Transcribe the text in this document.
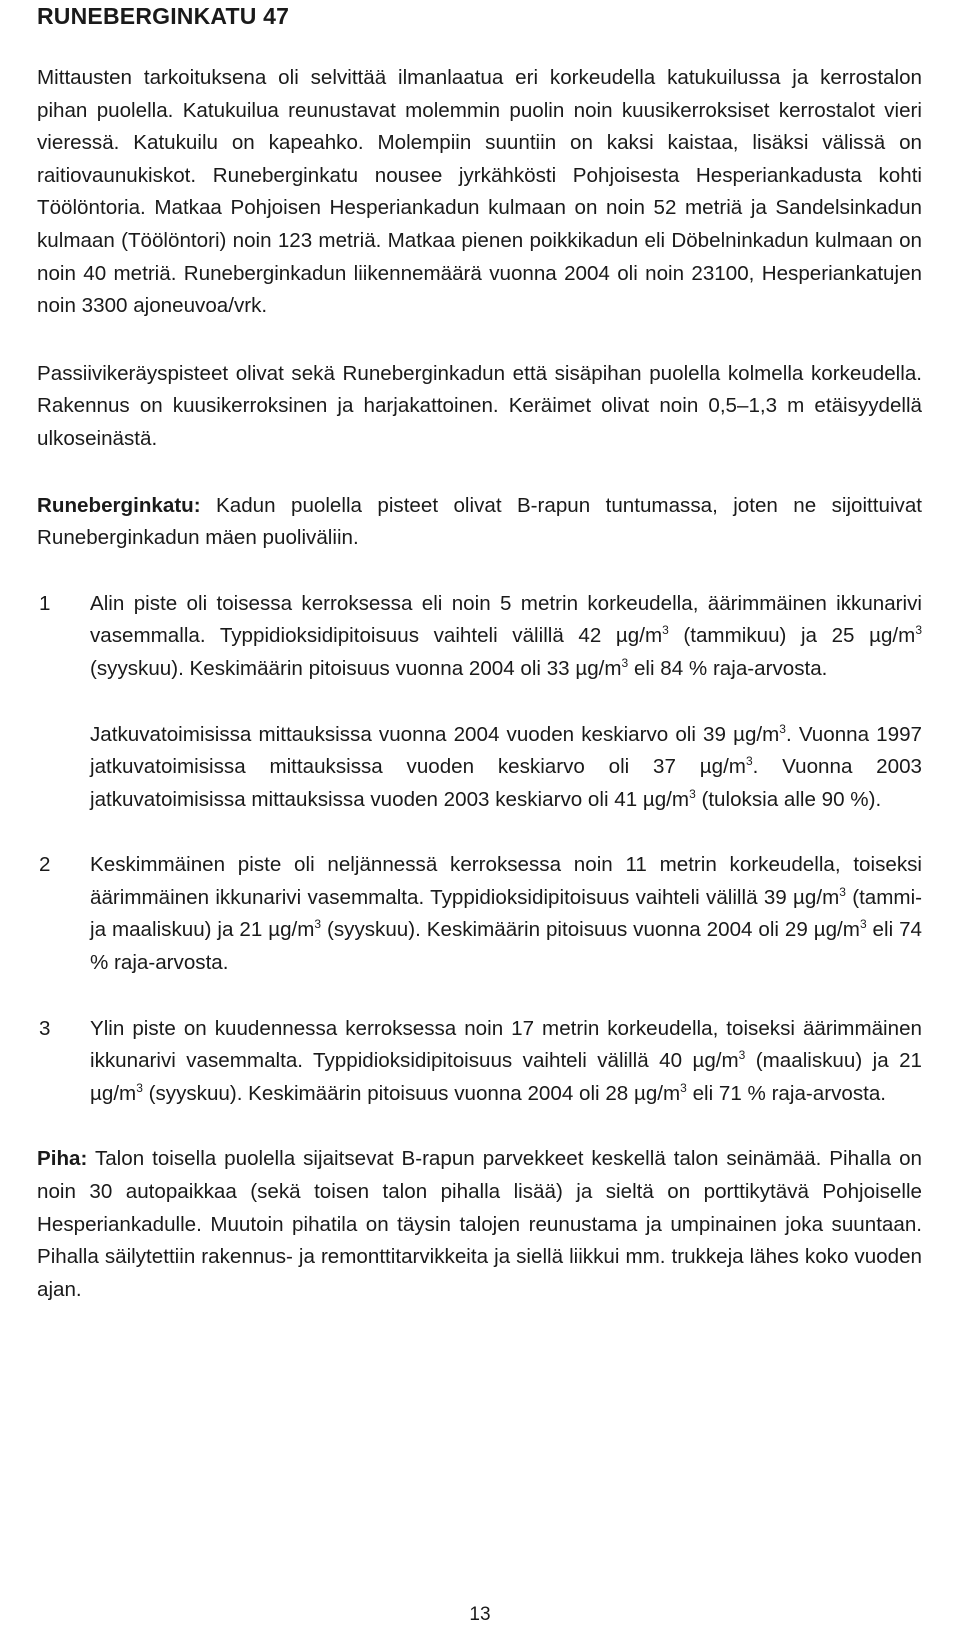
RUNEBERGINKATU 47

Mittausten tarkoituksena oli selvittää ilmanlaatua eri korkeudella katukuilussa ja kerrostalon pihan puolella. Katukuilua reunustavat molemmin puolin noin kuusikerroksiset kerrostalot vieri vieressä. Katukuilu on kapeahko. Molempiin suuntiin on kaksi kaistaa, lisäksi välissä on raitiovaunukiskot. Runeberginkatu nousee jyrkähkösti Pohjoisesta Hesperiankadusta kohti Töölöntoria. Matkaa Pohjoisen Hesperiankadun kulmaan on noin 52 metriä ja Sandelsinkadun kulmaan (Töölöntori) noin 123 metriä. Matkaa pienen poikkikadun eli Döbelninkadun kulmaan on noin 40 metriä. Runeberginkadun liikennemäärä vuonna 2004 oli noin 23100, Hesperiankatujen noin 3300 ajoneuvoa/vrk.

Passiivikeräyspisteet olivat sekä Runeberginkadun että sisäpihan puolella kolmella korkeudella. Rakennus on kuusikerroksinen ja harjakattoinen. Keräimet olivat noin 0,5–1,3 m etäisyydellä ulkoseinästä.

Runeberginkatu: Kadun puolella pisteet olivat B-rapun tuntumassa, joten ne sijoittuivat Runeberginkadun mäen puoliväliin.

1	Alin piste oli toisessa kerroksessa eli noin 5 metrin korkeudella, äärimmäinen ikkunarivi vasemmalla. Typpidioksidipitoisuus vaihteli välillä 42 $\mu g/m^3$ (tammikuu) ja 25 $\mu g/m^3$ (syyskuu). Keskimäärin pitoisuus vuonna 2004 oli 33 $\mu g/m^3$ eli 84 % raja-arvosta.

Jatkuvatoimisissa mittauksissa vuonna 2004 vuoden keskiarvo oli 39 $\mu g/m^3$. Vuonna 1997 jatkuvatoimisissa mittauksissa vuoden keskiarvo oli 37 $\mu g/m^3$. Vuonna 2003 jatkuvatoimisissa mittauksissa vuoden 2003 keskiarvo oli 41 $\mu g/m^3$ (tuloksia alle 90 %).

2	Keskimmäinen piste oli neljännessä kerroksessa noin 11 metrin korkeudella, toiseksi äärimmäinen ikkunarivi vasemmalta. Typpidioksidipitoisuus vaihteli välillä 39 $\mu g/m^3$ (tammi- ja maaliskuu) ja 21 $\mu g/m^3$ (syyskuu). Keskimäärin pitoisuus vuonna 2004 oli 29 $\mu g/m^3$ eli 74 % raja-arvosta.

3	Ylin piste on kuudennessa kerroksessa noin 17 metrin korkeudella, toiseksi äärimmäinen ikkunarivi vasemmalta. Typpidioksidipitoisuus vaihteli välillä 40 $\mu g/m^3$ (maaliskuu) ja 21 $\mu g/m^3$ (syyskuu). Keskimäärin pitoisuus vuonna 2004 oli 28 $\mu g/m^3$ eli 71 % raja-arvosta.

Piha: Talon toisella puolella sijaitsevat B-rapun parvekkeet keskellä talon seinämää. Pihalla on noin 30 autopaikkaa (sekä toisen talon pihalla lisää) ja sieltä on porttikytävä Pohjoiselle Hesperiankadulle. Muutoin pihatila on täysin talojen reunustama ja umpinainen joka suuntaan. Pihalla säilytettiin rakennus- ja remonttitarvikkeita ja siellä liikkui mm. trukkeja lähes koko vuoden ajan.

13
